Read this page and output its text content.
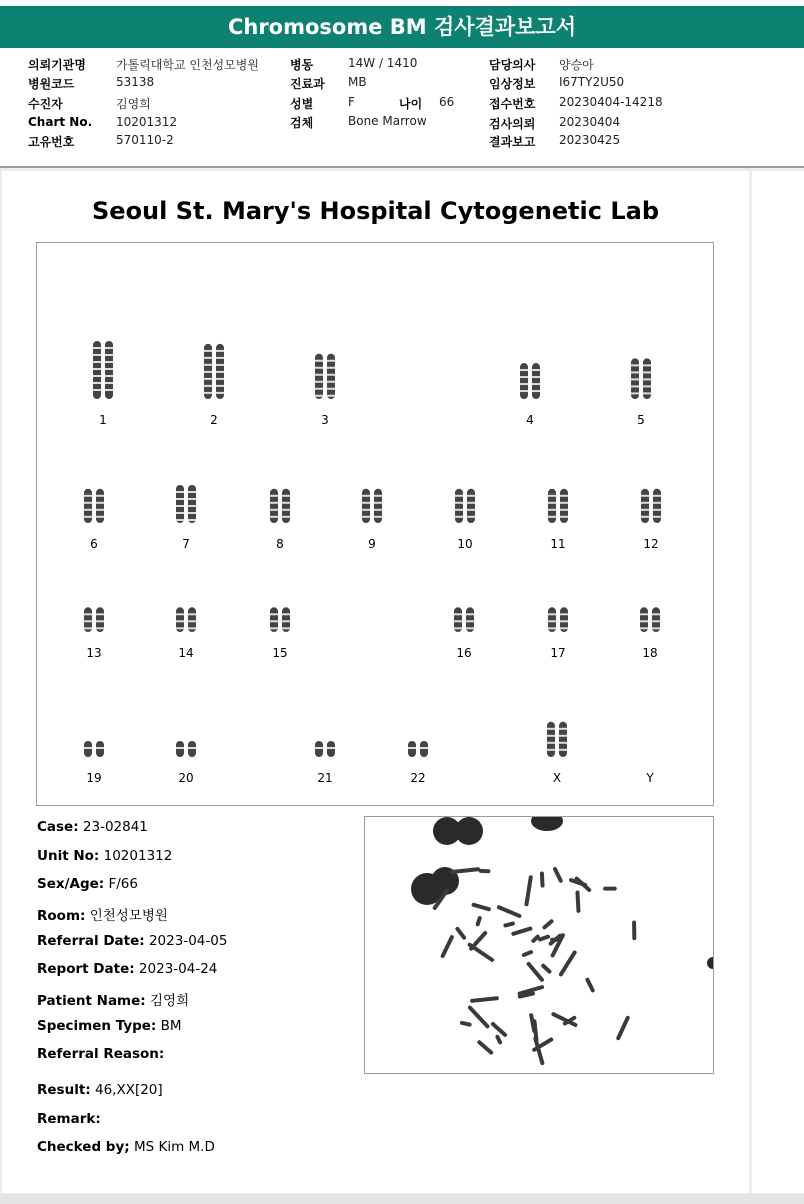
Chromosome BM 검사결과보고서
의뢰기관명	가톨릭대학교 인천성모병원
병원코드	53138
수진자	김영희
Chart No. 10201312
고유번호	570110-2
병동	14W / 1410
진료과 MB
성별	F	나이 66
검체	Bone Marrow
담당의사 양승아
임상정보 I67TY2U50
접수번호 20230404-14218
검사의뢰 20230404
결과보고 20230425
Seoul St. Mary's Hospital Cytogenetic Lab
1	2	3	4	5
6	7	8	9	10	11	12
13	14	15	16	17	18
19	20	21	22	X	Y
Case: 23-02841
Unit No: 10201312
Sex/Age: F/66
Room: 인천성모병원
Referral Date: 2023-04-05
Report Date: 2023-04-24
Patient Name: 김영희
Specimen Type: BM
Referral Reason:
Result: 46,XX[20]
Remark:
Checked by; MS Kim M.D
